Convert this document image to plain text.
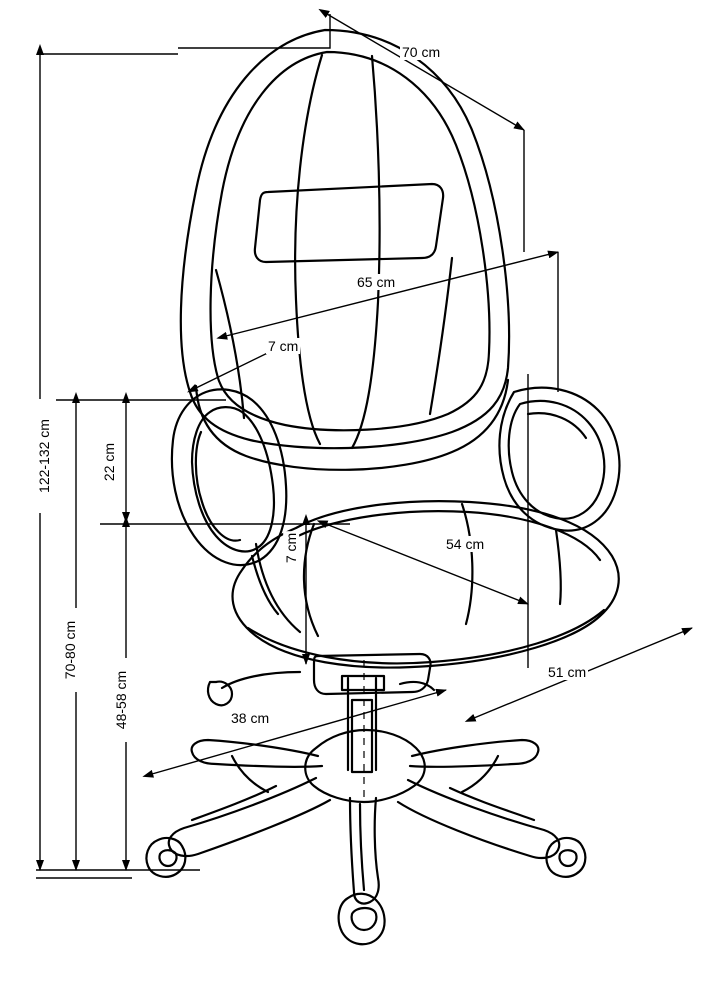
70 cm
65 cm
7 cm
22 cm
7 cm	54 cm
51 cm
38 cm
122-132 cm
70-80 cm
48-58 cm
